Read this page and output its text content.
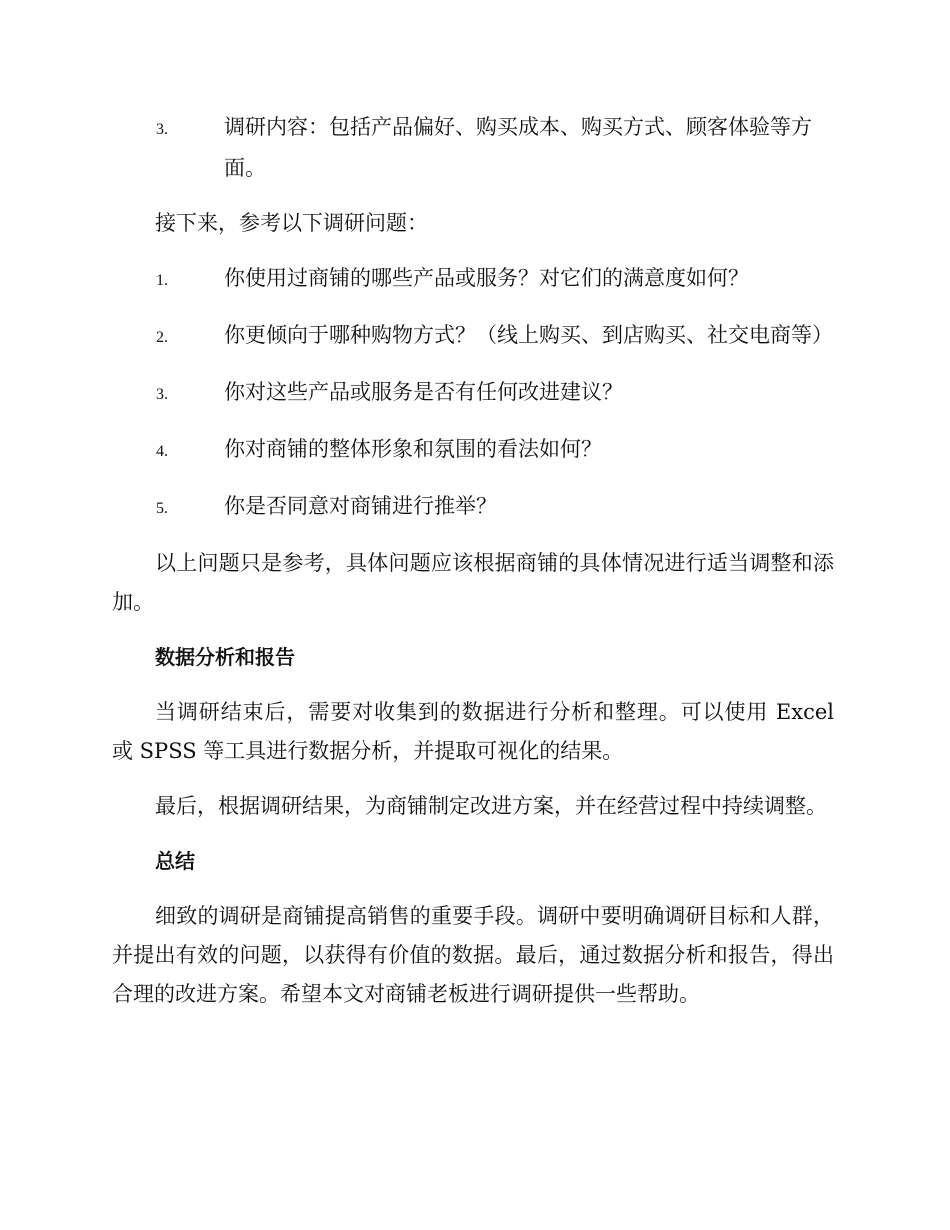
3.	调研内容：包括产品偏好、购买成本、购买方式、顾客体验等方面。

接下来，参考以下调研问题：

1.	你使用过商铺的哪些产品或服务？对它们的满意度如何？

2.	你更倾向于哪种购物方式？（线上购买、到店购买、社交电商等）

3.	你对这些产品或服务是否有任何改进建议？

4.	你对商铺的整体形象和氛围的看法如何？

5.	你是否同意对商铺进行推举？

以上问题只是参考，具体问题应该根据商铺的具体情况进行适当调整和添加。

数据分析和报告

当调研结束后，需要对收集到的数据进行分析和整理。可以使用 Excel 或 SPSS 等工具进行数据分析，并提取可视化的结果。

最后，根据调研结果，为商铺制定改进方案，并在经营过程中持续调整。

总结

细致的调研是商铺提高销售的重要手段。调研中要明确调研目标和人群，并提出有效的问题，以获得有价值的数据。最后，通过数据分析和报告，得出合理的改进方案。希望本文对商铺老板进行调研提供一些帮助。
